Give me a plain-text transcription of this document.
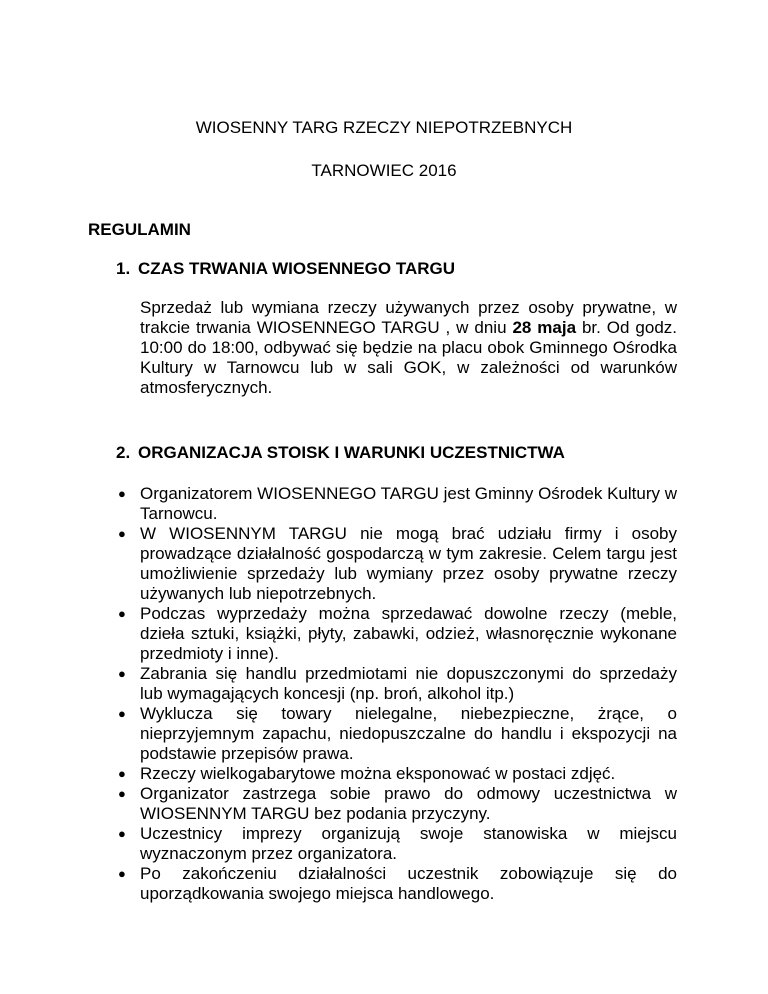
WIOSENNY TARG RZECZY NIEPOTRZEBNYCH
TARNOWIEC 2016
REGULAMIN
1. CZAS TRWANIA WIOSENNEGO TARGU
Sprzedaż lub wymiana rzeczy używanych przez osoby prywatne, w trakcie trwania WIOSENNEGO TARGU , w dniu 28 maja br. Od godz. 10:00 do 18:00, odbywać się będzie na placu obok Gminnego Ośrodka Kultury w Tarnowcu lub w sali GOK, w zależności od warunków atmosferycznych.
2. ORGANIZACJA STOISK I WARUNKI UCZESTNICTWA
● Organizatorem WIOSENNEGO TARGU jest Gminny Ośrodek Kultury w Tarnowcu.
● W WIOSENNYM TARGU nie mogą brać udziału firmy i osoby prowadzące działalność gospodarczą w tym zakresie. Celem targu jest umożliwienie sprzedaży lub wymiany przez osoby prywatne rzeczy używanych lub niepotrzebnych.
● Podczas wyprzedaży można sprzedawać dowolne rzeczy (meble, dzieła sztuki, książki, płyty, zabawki, odzież, własnoręcznie wykonane przedmioty i inne).
● Zabrania się handlu przedmiotami nie dopuszczonymi do sprzedaży lub wymagających koncesji (np. broń, alkohol itp.)
● Wyklucza się towary nielegalne, niebezpieczne, żrące, o nieprzyjemnym zapachu, niedopuszczalne do handlu i ekspozycji na podstawie przepisów prawa.
● Rzeczy wielkogabarytowe można eksponować w postaci zdjęć.
● Organizator zastrzega sobie prawo do odmowy uczestnictwa w WIOSENNYM TARGU bez podania przyczyny.
● Uczestnicy imprezy organizują swoje stanowiska w miejscu wyznaczonym przez organizatora.
● Po zakończeniu działalności uczestnik zobowiązuje się do uporządkowania swojego miejsca handlowego.
